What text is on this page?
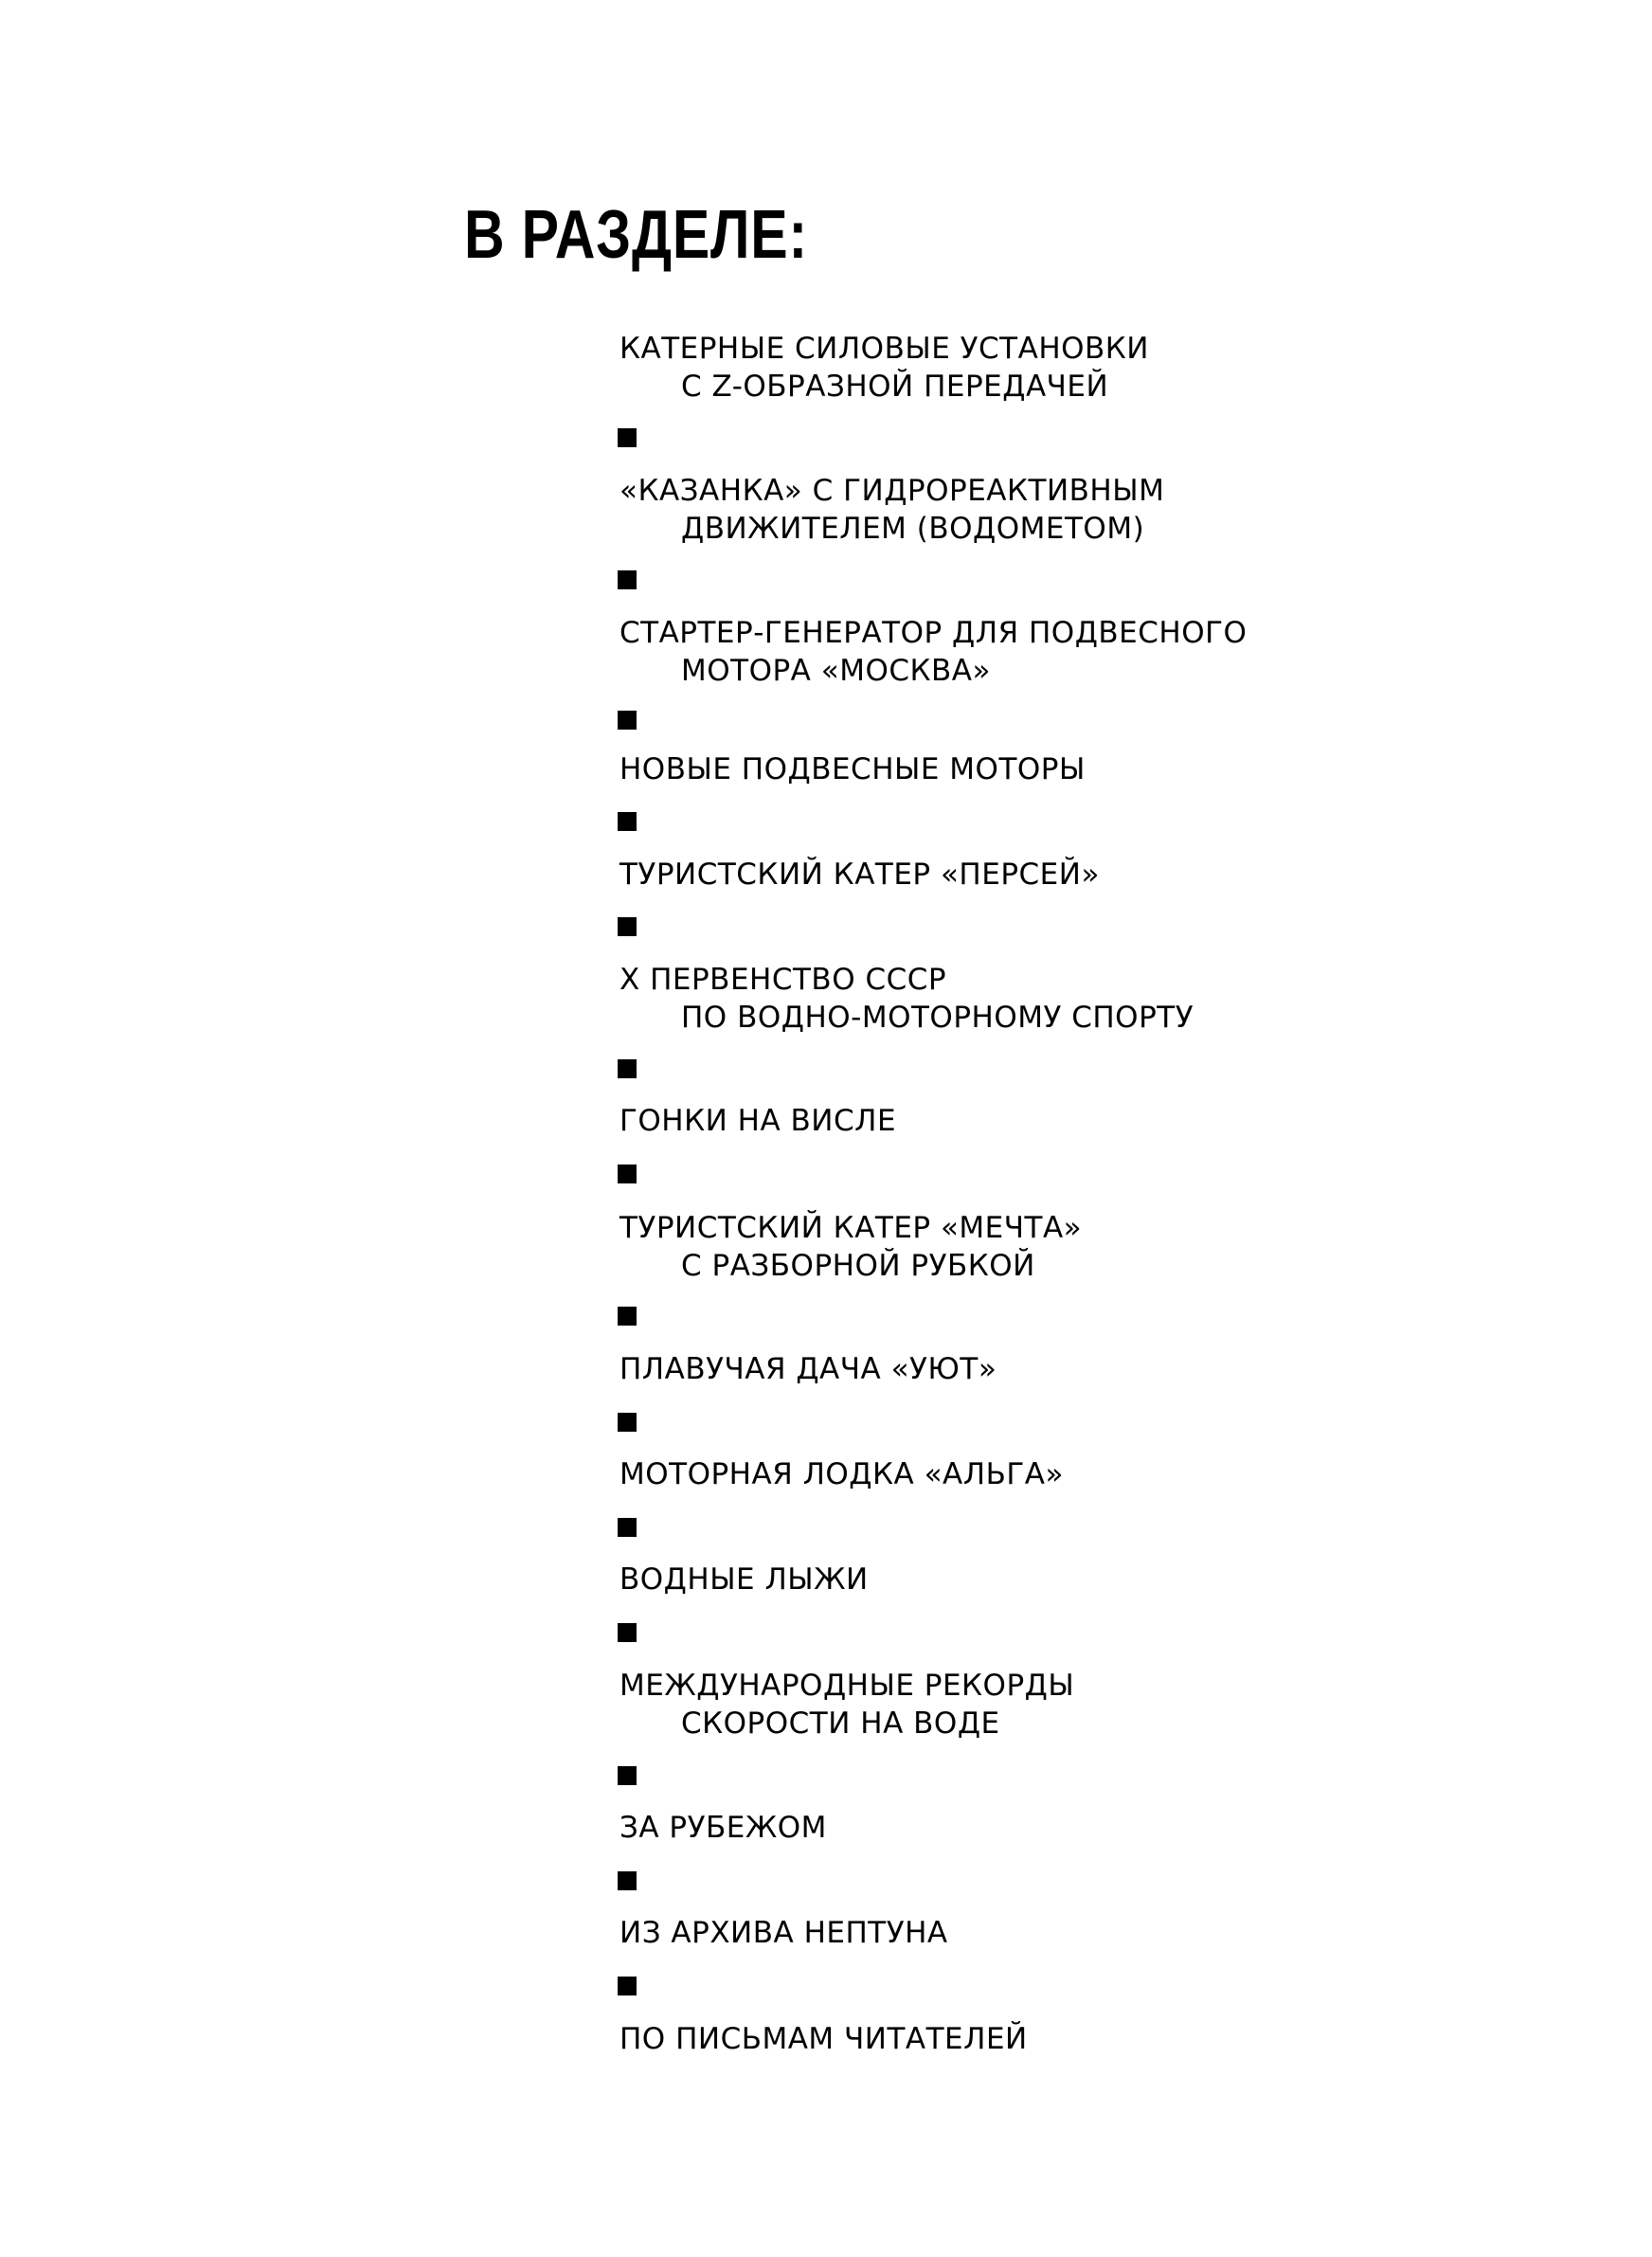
В РАЗДЕЛЕ:
КАТЕРНЫЕ СИЛОВЫЕ УСТАНОВКИ
С Z-ОБРАЗНОЙ ПЕРЕДАЧЕЙ
«КАЗАНКА» С ГИДРОРЕАКТИВНЫМ
ДВИЖИТЕЛЕМ (ВОДОМЕТОМ)
СТАРТЕР-ГЕНЕРАТОР ДЛЯ ПОДВЕСНОГО
МОТОРА «МОСКВА»
НОВЫЕ ПОДВЕСНЫЕ МОТОРЫ
ТУРИСТСКИЙ КАТЕР «ПЕРСЕЙ»
X ПЕРВЕНСТВО СССР
ПО ВОДНО-МОТОРНОМУ СПОРТУ
ГОНКИ НА ВИСЛЕ
ТУРИСТСКИЙ КАТЕР «МЕЧТА»
С РАЗБОРНОЙ РУБКОЙ
ПЛАВУЧАЯ ДАЧА «УЮТ»
МОТОРНАЯ ЛОДКА «АЛЬГА»
ВОДНЫЕ ЛЫЖИ
МЕЖДУНАРОДНЫЕ РЕКОРДЫ
СКОРОСТИ НА ВОДЕ
ЗА РУБЕЖОМ
ИЗ АРХИВА НЕПТУНА
ПО ПИСЬМАМ ЧИТАТЕЛЕЙ
